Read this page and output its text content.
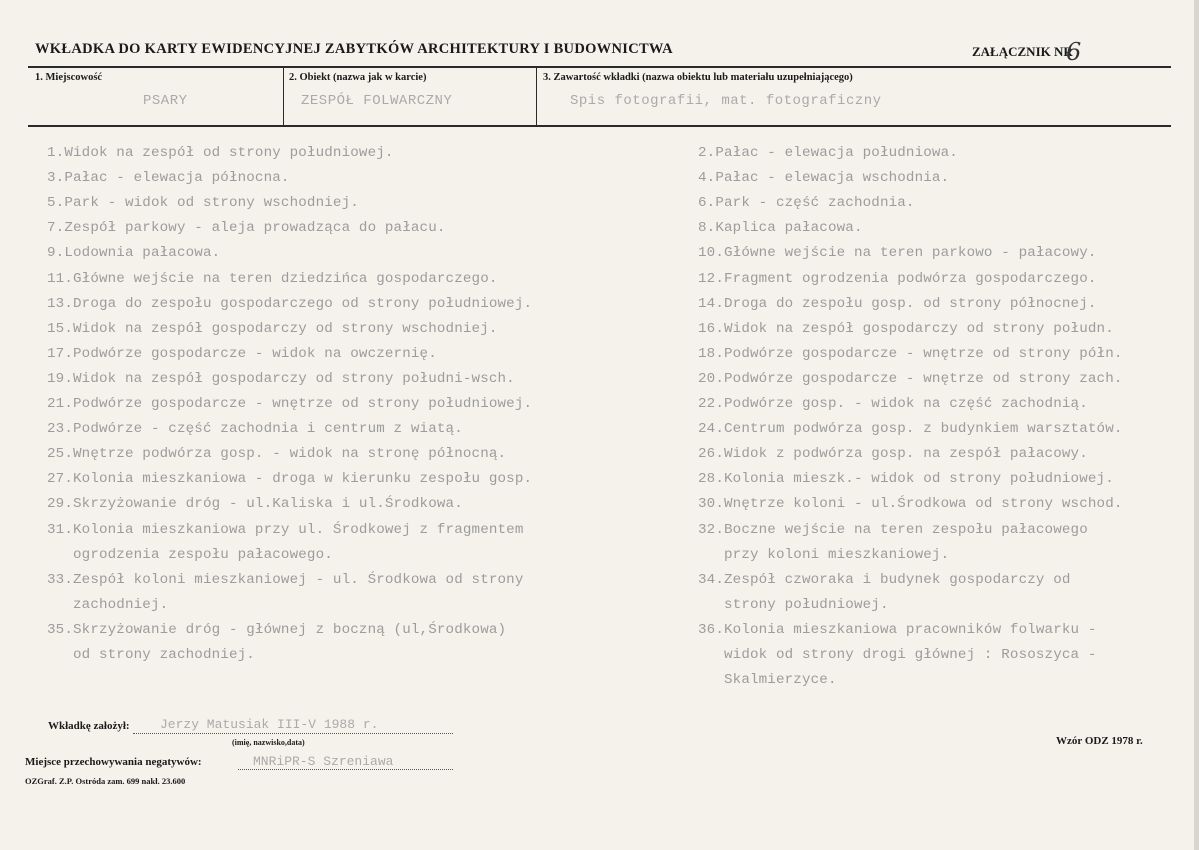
WKŁADKA DO KARTY EWIDENCYJNEJ ZABYTKÓW ARCHITEKTURY I BUDOWNICTWA	ZAŁĄCZNIK NR
6
1. Miejscowość
PSARY
2. Obiekt (nazwa jak w karcie)
ZESPÓŁ FOLWARCZNY
3. Zawartość wkładki (nazwa obiektu lub materiału uzupełniającego)
Spis fotografii, mat. fotograficzny
1.Widok na zespół od strony południowej.
3.Pałac - elewacja północna.
5.Park - widok od strony wschodniej.
7.Zespół parkowy - aleja prowadząca do pałacu.
9.Lodownia pałacowa.
11.Główne wejście na teren dziedzińca gospodarczego.
13.Droga do zespołu gospodarczego od strony południowej.
15.Widok na zespół gospodarczy od strony wschodniej.
17.Podwórze gospodarcze - widok na owczernię.
19.Widok na zespół gospodarczy od strony południ-wsch.
21.Podwórze gospodarcze - wnętrze od strony południowej.
23.Podwórze - część zachodnia i centrum z wiatą.
25.Wnętrze podwórza gosp. - widok na stronę północną.
27.Kolonia mieszkaniowa - droga w kierunku zespołu gosp.
29.Skrzyżowanie dróg - ul.Kaliska i ul.Środkowa.
31.Kolonia mieszkaniowa przy ul. Środkowej z fragmentem
ogrodzenia zespołu pałacowego.
33.Zespół koloni mieszkaniowej - ul. Środkowa od strony
zachodniej.
35.Skrzyżowanie dróg - głównej z boczną (ul,Środkowa)
od strony zachodniej.
2.Pałac - elewacja południowa.
4.Pałac - elewacja wschodnia.
6.Park - część zachodnia.
8.Kaplica pałacowa.
10.Główne wejście na teren parkowo - pałacowy.
12.Fragment ogrodzenia podwórza gospodarczego.
14.Droga do zespołu gosp. od strony północnej.
16.Widok na zespół gospodarczy od strony połudn.
18.Podwórze gospodarcze - wnętrze od strony półn.
20.Podwórze gospodarcze - wnętrze od strony zach.
22.Podwórze gosp. - widok na część zachodnią.
24.Centrum podwórza gosp. z budynkiem warsztatów.
26.Widok z podwórza gosp. na zespół pałacowy.
28.Kolonia mieszk.- widok od strony południowej.
30.Wnętrze koloni - ul.Środkowa od strony wschod.
32.Boczne wejście na teren zespołu pałacowego
przy koloni mieszkaniowej.
34.Zespół czworaka i budynek gospodarczy od
strony południowej.
36.Kolonia mieszkaniowa pracowników folwarku -
widok od strony drogi głównej : Rososzyca -
Skalmierzyce.
Wkładkę założył: Jerzy Matusiak III-V 1988 r.
(imię, nazwisko,data)
Miejsce przechowywania negatywów:	MNRiPR-S Szreniawa
Wzór ODZ 1978 r.
OZGraf. Z.P. Ostróda zam. 699 nakł. 23.600
